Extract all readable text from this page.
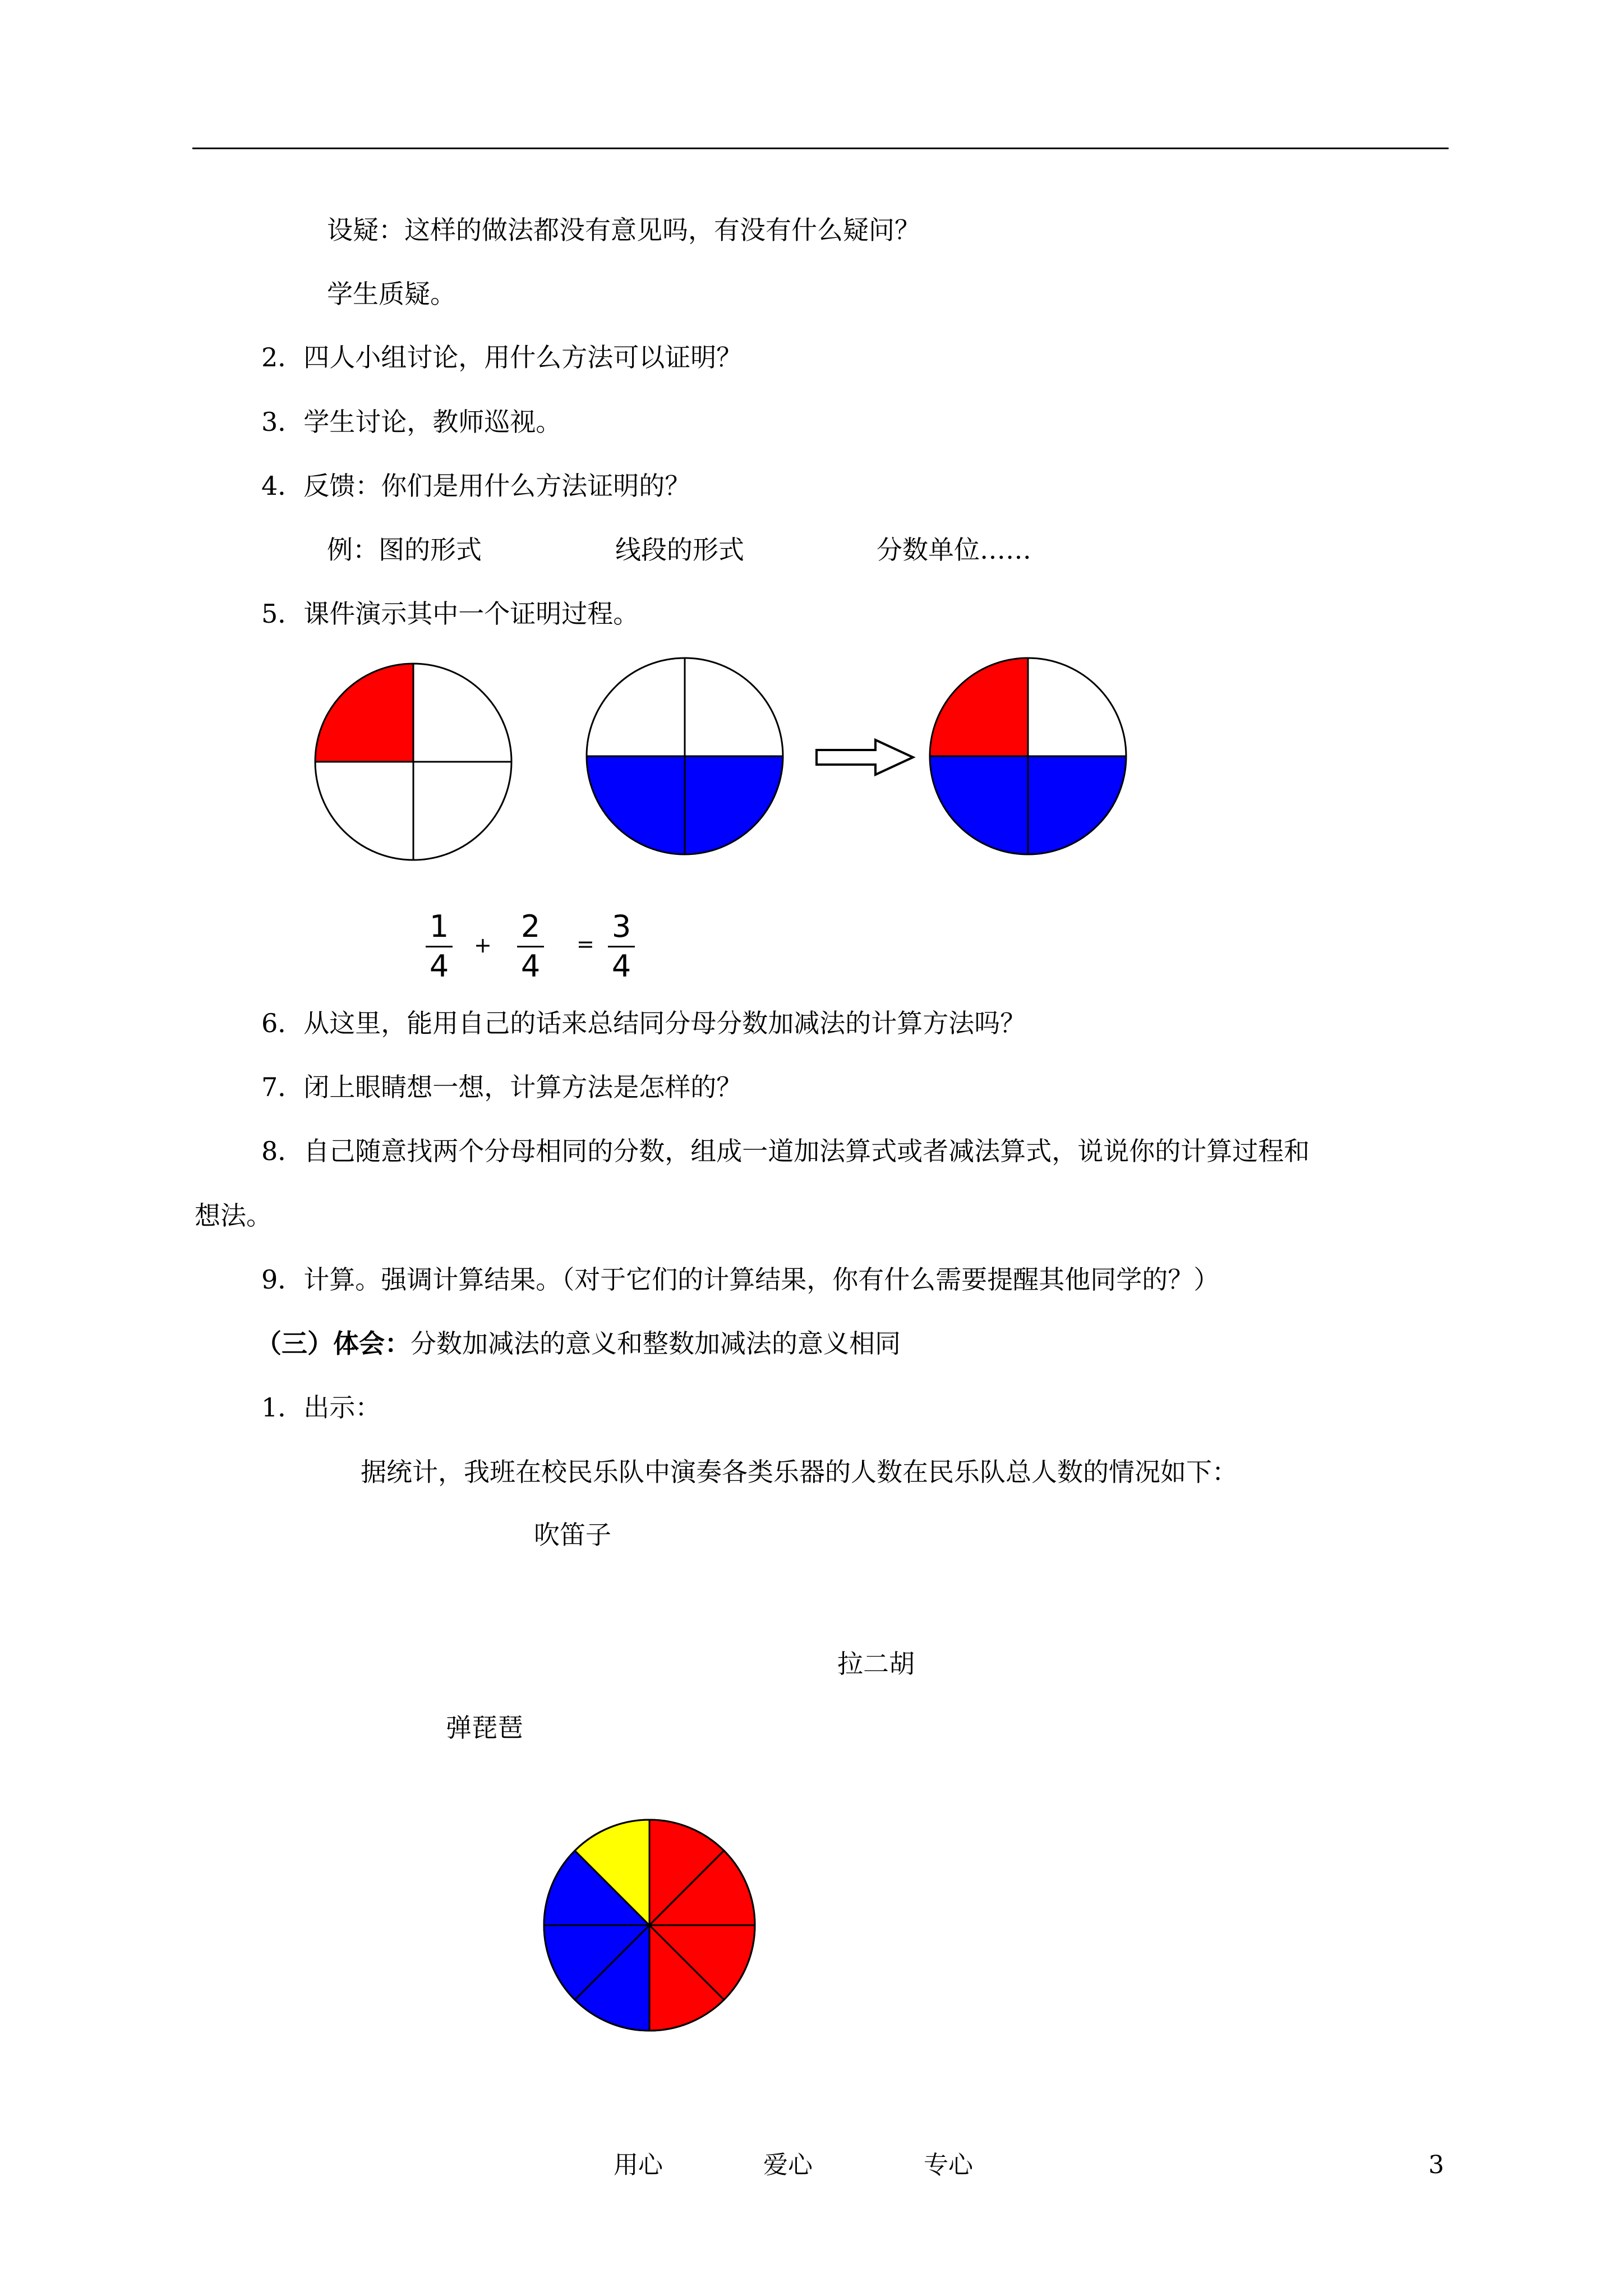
设疑：这样的做法都没有意见吗，有没有什么疑问？
学生质疑。
2．四人小组讨论，用什么方法可以证明？
3．学生讨论，教师巡视。
4．反馈：你们是用什么方法证明的？
例：图的形式	线段的形式	分数单位……
5．课件演示其中一个证明过程。
1
4
+
2
4
= 3
4
6．从这里，能用自己的话来总结同分母分数加减法的计算方法吗？
7．闭上眼睛想一想，计算方法是怎样的？
8．自己随意找两个分母相同的分数，组成一道加法算式或者减法算式，说说你的计算过程和
想法。
9．计算。强调计算结果。（对于它们的计算结果，你有什么需要提醒其他同学的？）
（三）体会：分数加减法的意义和整数加减法的意义相同
1．出示：
据统计，我班在校民乐队中演奏各类乐器的人数在民乐队总人数的情况如下：
吹笛子
拉二胡
弹琵琶
用心	爱心	专心	3
